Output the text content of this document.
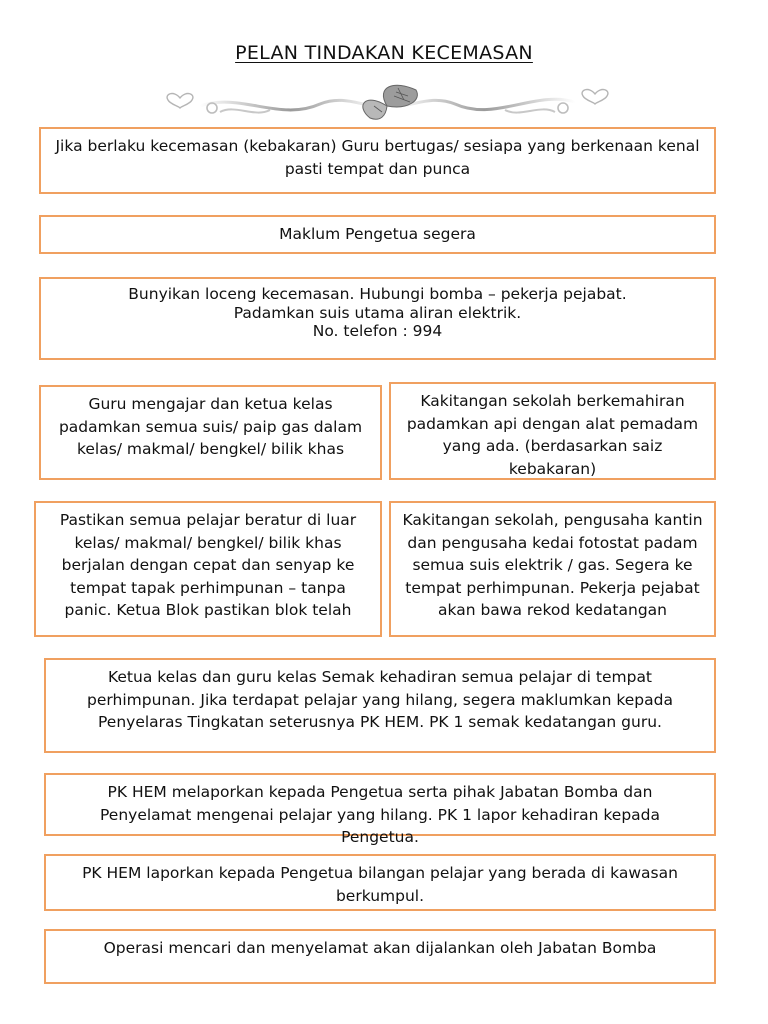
PELAN TINDAKAN KECEMASAN

Jika berlaku kecemasan (kebakaran) Guru bertugas/ sesiapa yang berkenaan kenal pasti tempat dan punca

Maklum Pengetua segera

Bunyikan loceng kecemasan. Hubungi bomba – pekerja pejabat.

Padamkan suis utama aliran elektrik.

No. telefon : 994

Guru mengajar dan ketua kelas padamkan semua suis/ paip gas dalam kelas/ makmal/ bengkel/ bilik khas

Kakitangan sekolah berkemahiran padamkan api dengan alat pemadam yang ada. (berdasarkan saiz kebakaran)

Pastikan semua pelajar beratur di luar kelas/ makmal/ bengkel/ bilik khas berjalan dengan cepat dan senyap ke tempat tapak perhimpunan – tanpa panic. Ketua Blok pastikan blok telah

Kakitangan sekolah, pengusaha kantin dan pengusaha kedai fotostat padam semua suis elektrik / gas. Segera ke tempat perhimpunan. Pekerja pejabat akan bawa rekod kedatangan

Ketua kelas dan guru kelas Semak kehadiran semua pelajar di tempat perhimpunan. Jika terdapat pelajar yang hilang, segera maklumkan kepada Penyelaras Tingkatan seterusnya PK HEM. PK 1 semak kedatangan guru.

PK HEM melaporkan kepada Pengetua serta pihak Jabatan Bomba dan Penyelamat mengenai pelajar yang hilang. PK 1 lapor kehadiran kepada Pengetua.

PK HEM laporkan kepada Pengetua bilangan pelajar yang berada di kawasan berkumpul.

Operasi mencari dan menyelamat akan dijalankan oleh Jabatan Bomba
